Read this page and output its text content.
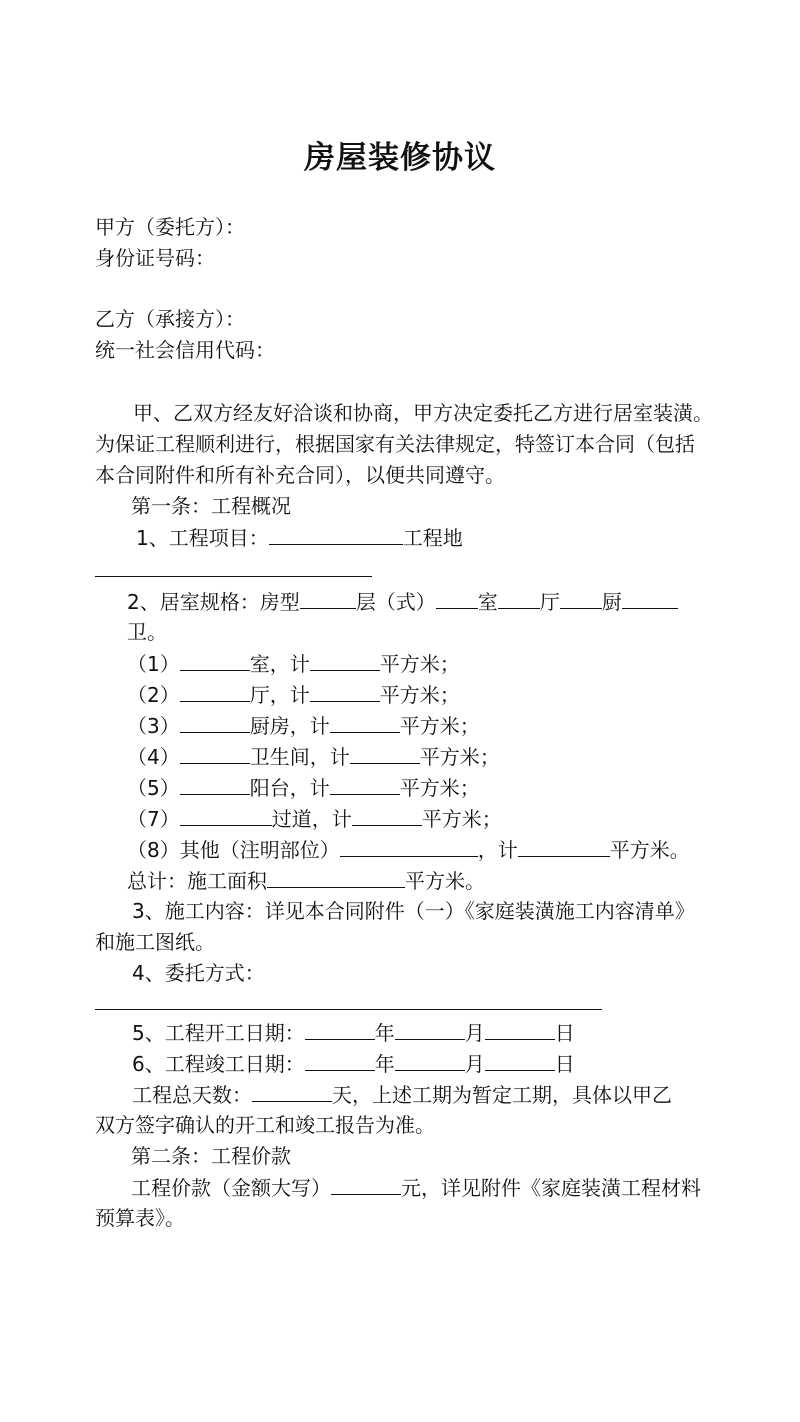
房屋装修协议
甲方（委托方）：
身份证号码：
乙方（承接方）：
统一社会信用代码：
甲、乙双方经友好洽谈和协商，甲方决定委托乙方进行居室装潢。
为保证工程顺利进行，根据国家有关法律规定，特签订本合同（包括
本合同附件和所有补充合同），以便共同遵守。
第一条：工程概况
1、工程项目：	工程地
2、居室规格：房型	层（式） 室 厅 厨
卫。
（1）	室，计	平方米；
（2）	厅，计	平方米；
（3）	厨房，计	平方米；
（4）	卫生间，计	平方米；
（5）	阳台，计	平方米；
（7）	过道，计	平方米；
（8）其他（注明部位）	，计	平方米。
总计：施工面积	平方米。
3、施工内容：详见本合同附件（一）《家庭装潢施工内容清单》
和施工图纸。
4、委托方式：
5、工程开工日期：	年	月	日
6、工程竣工日期：	年	月	日
工程总天数：	天，上述工期为暂定工期，具体以甲乙
双方签字确认的开工和竣工报告为准。
第二条：工程价款
工程价款（金额大写）	元，详见附件《家庭装潢工程材料
预算表》。
